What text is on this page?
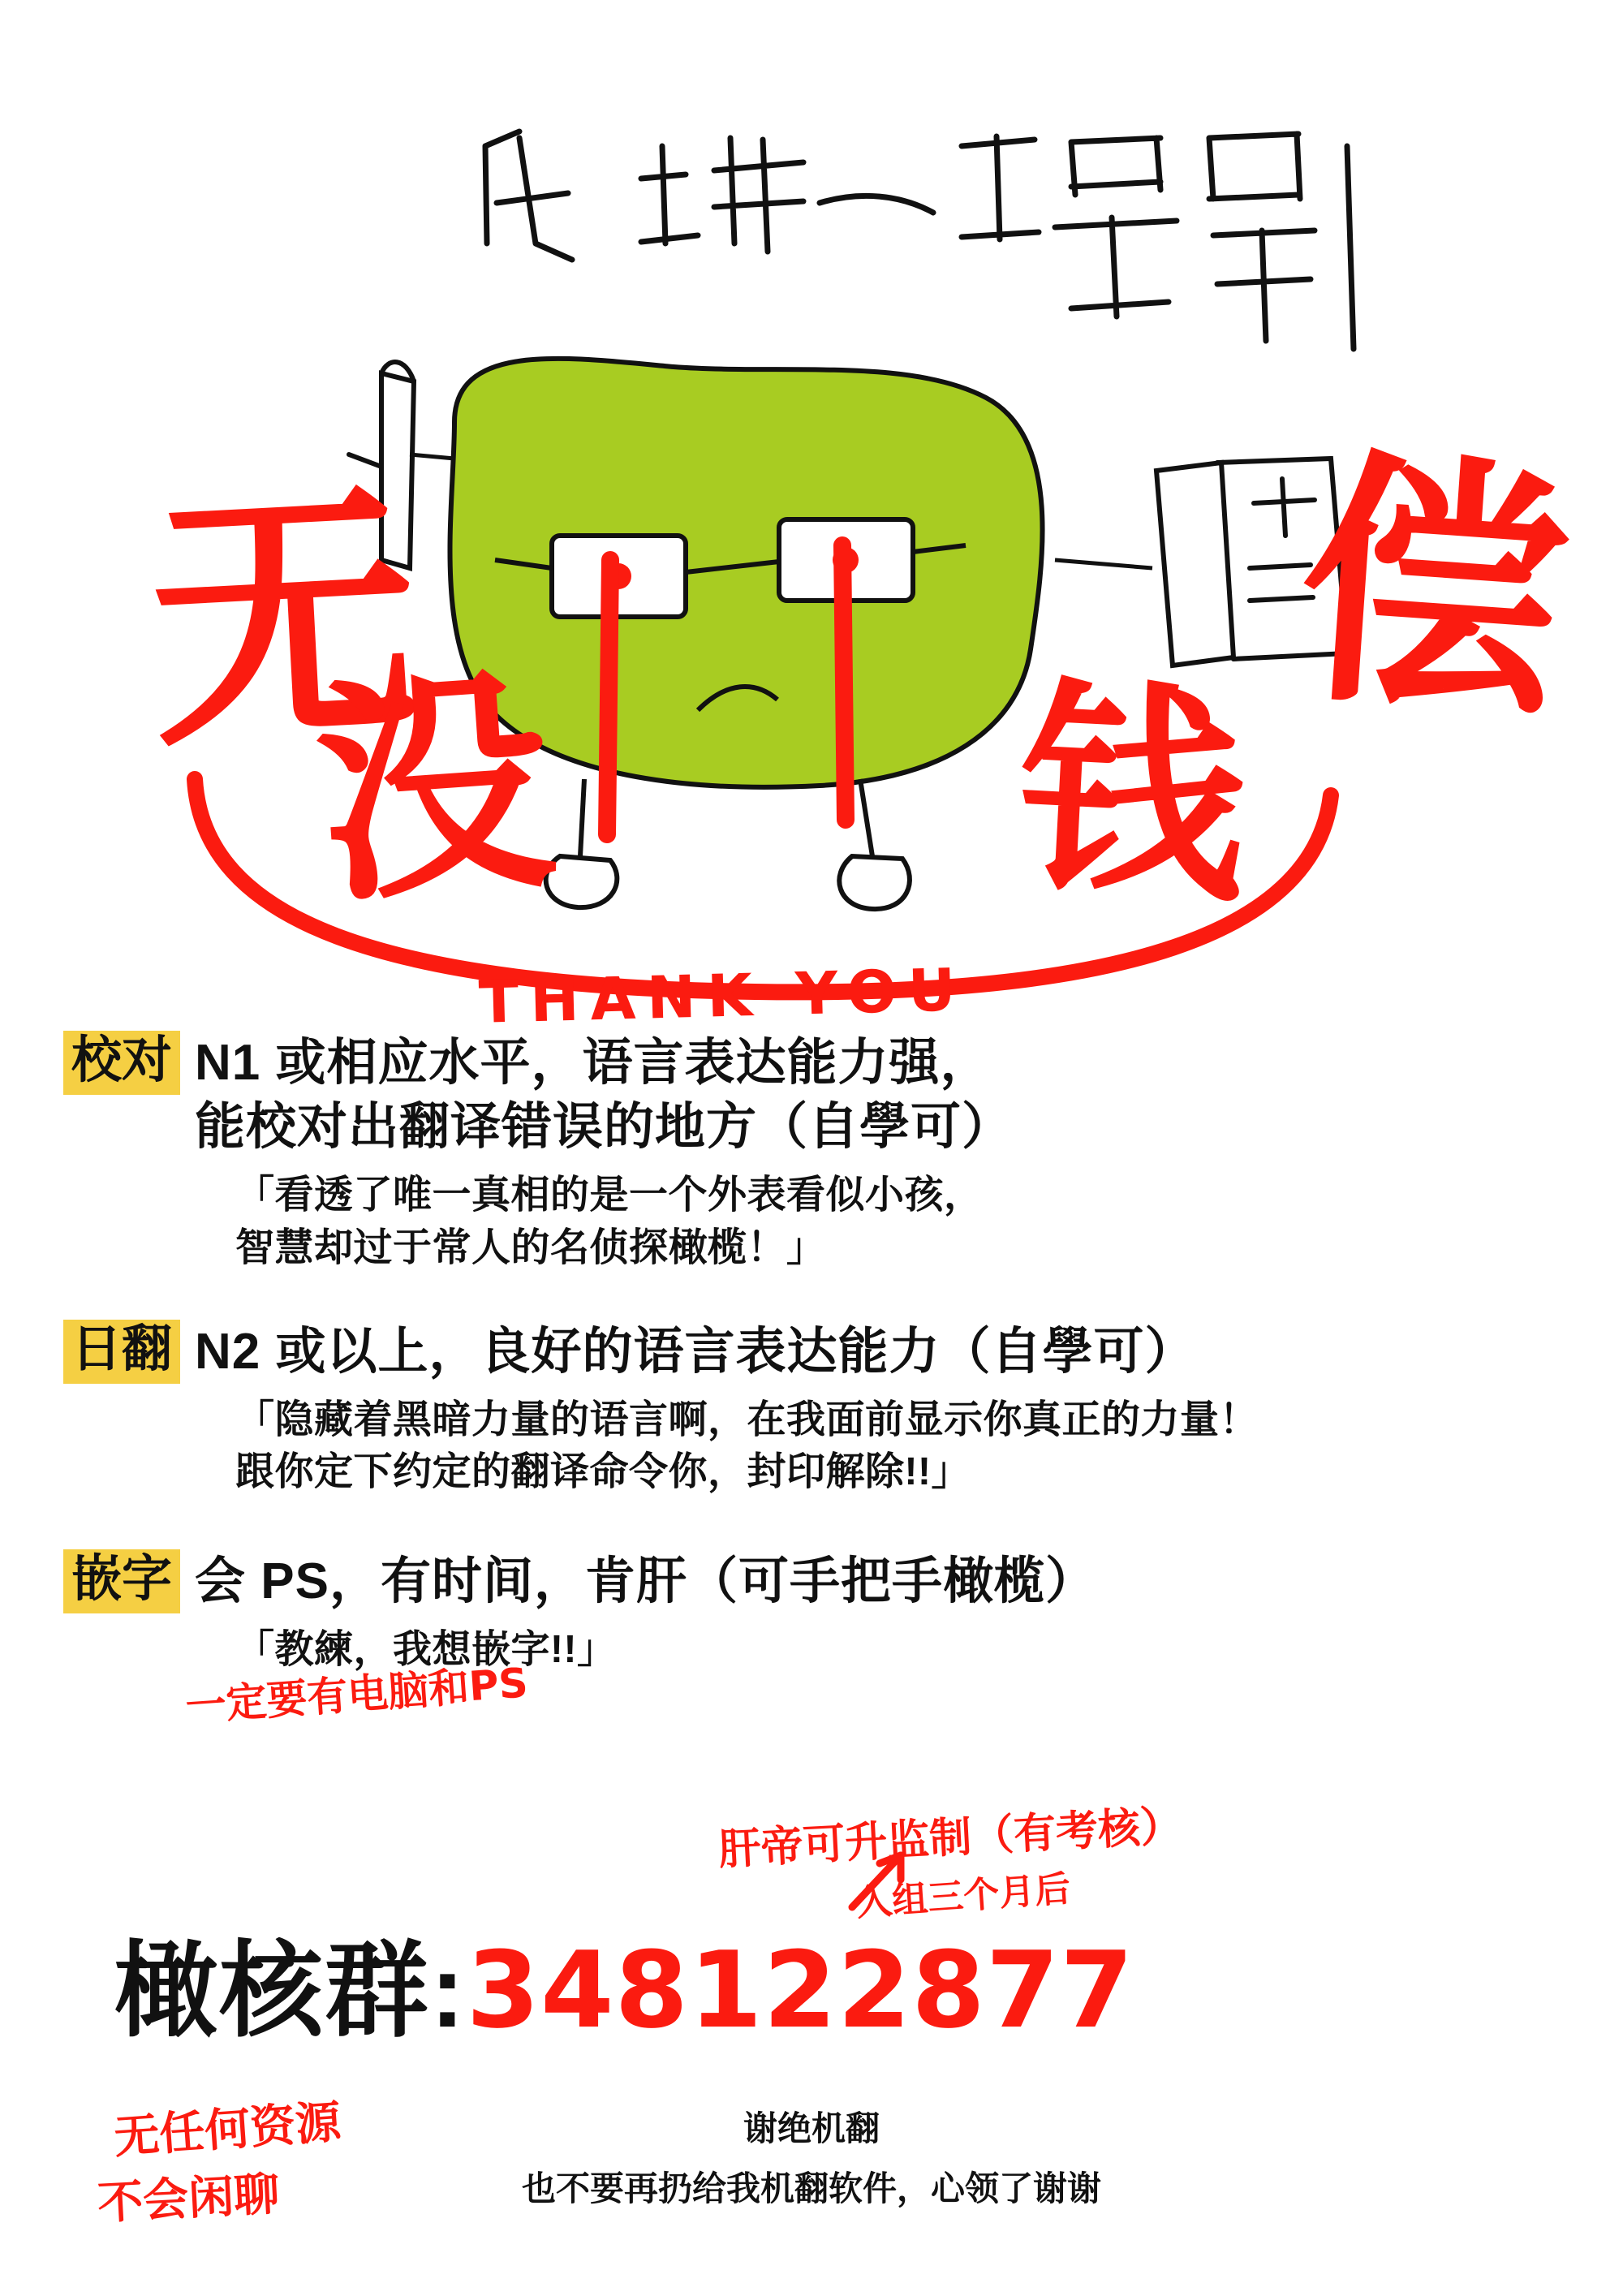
无
没 钱
偿
THANK YOU
校对 N1 或相应水平，语言表达能力强，
能校对出翻译错误的地方（自學可）
「看透了唯一真相的是一个外表看似小孩，
智慧却过于常人的名侦探橄榄！」
日翻 N2 或以上，良好的语言表达能力（自學可）
「隐藏着黑暗力量的语言啊，在我面前显示你真正的力量！
跟你定下约定的翻译命令你，封印解除!!」
嵌字 会 PS，有时间，肯肝（可手把手橄榄）
「教練，我想嵌字!!」
一定要有电脑和PS
肝帝可升监制（有考核）
入组三个月后
无任何资源
不会闲聊
橄核群: 348122877
谢绝机翻
也不要再扔给我机翻软件，心领了谢谢
